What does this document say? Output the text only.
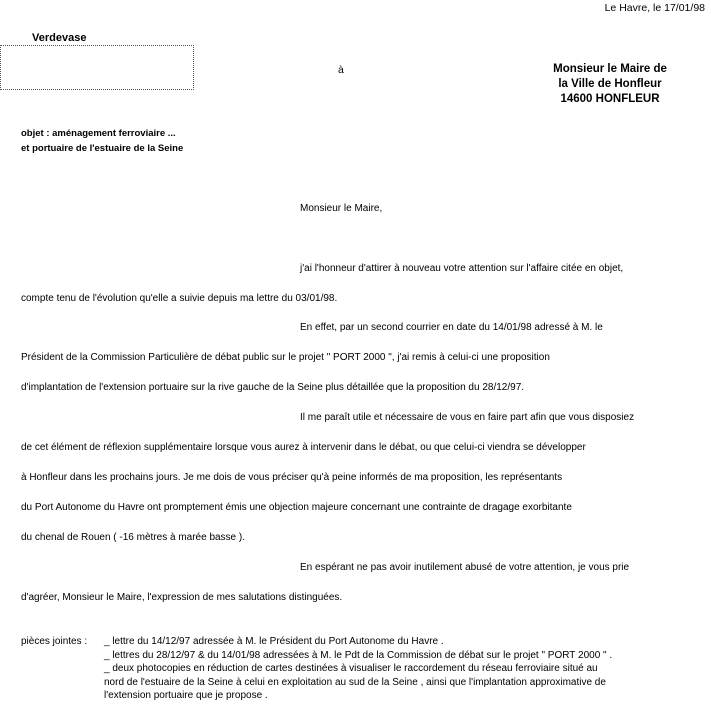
Le Havre, le 17/01/98
Verdevase
à	Monsieur le Maire de
la Ville de Honfleur
14600 HONFLEUR
objet : aménagement ferroviaire ...
et portuaire de l'estuaire de la Seine
Monsieur le Maire,
j'ai l'honneur d'attirer à nouveau votre attention sur l'affaire citée en objet,
compte tenu de l'évolution qu'elle a suivie depuis ma lettre du 03/01/98.
En effet, par un second courrier en date du 14/01/98 adressé à M. le
Président de la Commission Particulière de débat public sur le projet " PORT 2000 ", j'ai remis à celui-ci une proposition
d'implantation de l'extension portuaire sur la rive gauche de la Seine plus détaillée que la proposition du 28/12/97.
Il me paraît utile et nécessaire de vous en faire part afin que vous disposiez
de cet élément de réflexion supplémentaire lorsque vous aurez à intervenir dans le débat, ou que celui-ci viendra se développer
à Honfleur dans les prochains jours. Je me dois de vous préciser qu'à peine informés de ma proposition, les représentants
du Port Autonome du Havre ont promptement émis une objection majeure concernant une contrainte de dragage exorbitante
du chenal de Rouen ( -16 mètres à marée basse ).
En espérant ne pas avoir inutilement abusé de votre attention, je vous prie
d'agréer, Monsieur le Maire, l'expression de mes salutations distinguées.
pièces jointes : _ lettre du 14/12/97 adressée à M. le Président du Port Autonome du Havre .
_ lettres du 28/12/97 & du 14/01/98 adressées à M. le Pdt de la Commission de débat sur le projet " PORT 2000 " .
_ deux photocopies en réduction de cartes destinées à visualiser le raccordement du réseau ferroviaire situé au
nord de l'estuaire de la Seine à celui en exploitation au sud de la Seine , ainsi que l'implantation approximative de
l'extension portuaire que je propose .
